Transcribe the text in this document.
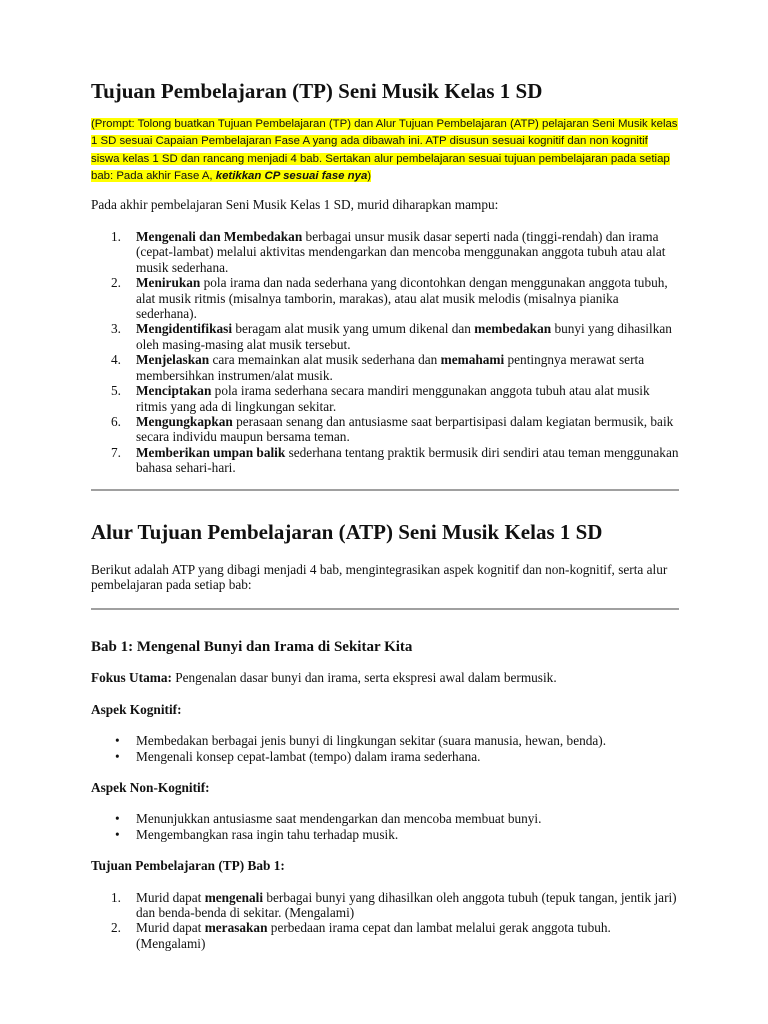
Tujuan Pembelajaran (TP) Seni Musik Kelas 1 SD

(Prompt: Tolong buatkan Tujuan Pembelajaran (TP) dan Alur Tujuan Pembelajaran (ATP) pelajaran Seni Musik kelas 1 SD sesuai Capaian Pembelajaran Fase A yang ada dibawah ini. ATP disusun sesuai kognitif dan non kognitif siswa kelas 1 SD dan rancang menjadi 4 bab. Sertakan alur pembelajaran sesuai tujuan pembelajaran pada setiap bab: Pada akhir Fase A, ketikkan CP sesuai fase nya)

Pada akhir pembelajaran Seni Musik Kelas 1 SD, murid diharapkan mampu:

1. Mengenali dan Membedakan berbagai unsur musik dasar seperti nada (tinggi-rendah) dan irama (cepat-lambat) melalui aktivitas mendengarkan dan mencoba menggunakan anggota tubuh atau alat musik sederhana.
2. Menirukan pola irama dan nada sederhana yang dicontohkan dengan menggunakan anggota tubuh, alat musik ritmis (misalnya tamborin, marakas), atau alat musik melodis (misalnya pianika sederhana).
3. Mengidentifikasi beragam alat musik yang umum dikenal dan membedakan bunyi yang dihasilkan oleh masing-masing alat musik tersebut.
4. Menjelaskan cara memainkan alat musik sederhana dan memahami pentingnya merawat serta membersihkan instrumen/alat musik.
5. Menciptakan pola irama sederhana secara mandiri menggunakan anggota tubuh atau alat musik ritmis yang ada di lingkungan sekitar.
6. Mengungkapkan perasaan senang dan antusiasme saat berpartisipasi dalam kegiatan bermusik, baik secara individu maupun bersama teman.
7. Memberikan umpan balik sederhana tentang praktik bermusik diri sendiri atau teman menggunakan bahasa sehari-hari.
Alur Tujuan Pembelajaran (ATP) Seni Musik Kelas 1 SD

Berikut adalah ATP yang dibagi menjadi 4 bab, mengintegrasikan aspek kognitif dan non-kognitif, serta alur pembelajaran pada setiap bab:

Bab 1: Mengenal Bunyi dan Irama di Sekitar Kita

Fokus Utama: Pengenalan dasar bunyi dan irama, serta ekspresi awal dalam bermusik.

Aspek Kognitif:

• Membedakan berbagai jenis bunyi di lingkungan sekitar (suara manusia, hewan, benda).
• Mengenali konsep cepat-lambat (tempo) dalam irama sederhana.

Aspek Non-Kognitif:

• Menunjukkan antusiasme saat mendengarkan dan mencoba membuat bunyi.
• Mengembangkan rasa ingin tahu terhadap musik.

Tujuan Pembelajaran (TP) Bab 1:

1. Murid dapat mengenali berbagai bunyi yang dihasilkan oleh anggota tubuh (tepuk tangan, jentik jari) dan benda-benda di sekitar. (Mengalami)
2. Murid dapat merasakan perbedaan irama cepat dan lambat melalui gerak anggota tubuh. (Mengalami)
